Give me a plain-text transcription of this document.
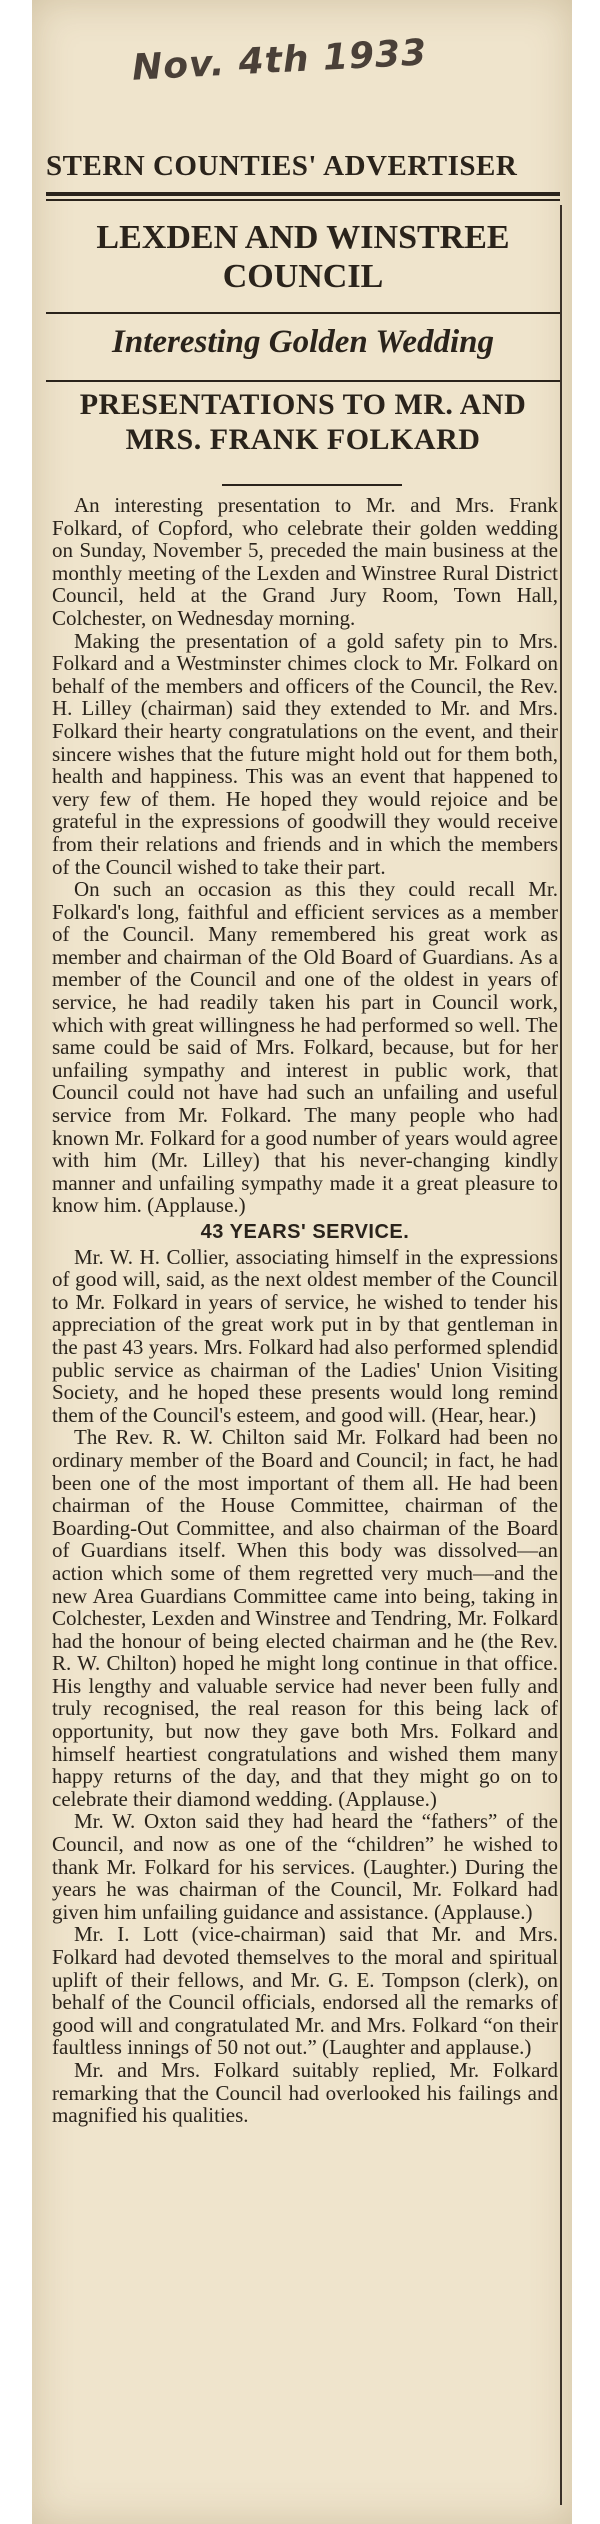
Nov. 4th 1933
STERN COUNTIES' ADVERTISER
LEXDEN AND WINSTREE COUNCIL
Interesting Golden Wedding
PRESENTATIONS TO MR. AND MRS. FRANK FOLKARD

An interesting presentation to Mr. and Mrs. Frank Folkard, of Copford, who celebrate their golden wedding on Sunday, November 5, preceded the main business at the monthly meeting of the Lexden and Winstree Rural District Council, held at the Grand Jury Room, Town Hall, Colchester, on Wednesday morning.

Making the presentation of a gold safety pin to Mrs. Folkard and a Westminster chimes clock to Mr. Folkard on behalf of the members and officers of the Council, the Rev. H. Lilley (chairman) said they extended to Mr. and Mrs. Folkard their hearty congratulations on the event, and their sincere wishes that the future might hold out for them both, health and happiness. This was an event that happened to very few of them. He hoped they would rejoice and be grateful in the expressions of goodwill they would receive from their relations and friends and in which the members of the Council wished to take their part.

On such an occasion as this they could recall Mr. Folkard's long, faithful and efficient services as a member of the Council. Many remembered his great work as member and chairman of the Old Board of Guardians. As a member of the Council and one of the oldest in years of service, he had readily taken his part in Council work, which with great willingness he had performed so well. The same could be said of Mrs. Folkard, because, but for her unfailing sympathy and interest in public work, that Council could not have had such an unfailing and useful service from Mr. Folkard. The many people who had known Mr. Folkard for a good number of years would agree with him (Mr. Lilley) that his never-changing kindly manner and unfailing sympathy made it a great pleasure to know him. (Applause.)

43 YEARS' SERVICE.

Mr. W. H. Collier, associating himself in the expressions of good will, said, as the next oldest member of the Council to Mr. Folkard in years of service, he wished to tender his appreciation of the great work put in by that gentleman in the past 43 years. Mrs. Folkard had also performed splendid public service as chairman of the Ladies' Union Visiting Society, and he hoped these presents would long remind them of the Council's esteem, and good will. (Hear, hear.)

The Rev. R. W. Chilton said Mr. Folkard had been no ordinary member of the Board and Council; in fact, he had been one of the most important of them all. He had been chairman of the House Committee, chairman of the Boarding-Out Committee, and also chairman of the Board of Guardians itself. When this body was dissolved—an action which some of them regretted very much—and the new Area Guardians Committee came into being, taking in Colchester, Lexden and Winstree and Tendring, Mr. Folkard had the honour of being elected chairman and he (the Rev. R. W. Chilton) hoped he might long continue in that office. His lengthy and valuable service had never been fully and truly recognised, the real reason for this being lack of opportunity, but now they gave both Mrs. Folkard and himself heartiest congratulations and wished them many happy returns of the day, and that they might go on to celebrate their diamond wedding. (Applause.)

Mr. W. Oxton said they had heard the “fathers” of the Council, and now as one of the “children” he wished to thank Mr. Folkard for his services. (Laughter.) During the years he was chairman of the Council, Mr. Folkard had given him unfailing guidance and assistance. (Applause.)

Mr. I. Lott (vice-chairman) said that Mr. and Mrs. Folkard had devoted themselves to the moral and spiritual uplift of their fellows, and Mr. G. E. Tompson (clerk), on behalf of the Council officials, endorsed all the remarks of good will and congratulated Mr. and Mrs. Folkard “on their faultless innings of 50 not out.” (Laughter and applause.)

Mr. and Mrs. Folkard suitably replied, Mr. Folkard remarking that the Council had overlooked his failings and magnified his qualities.
